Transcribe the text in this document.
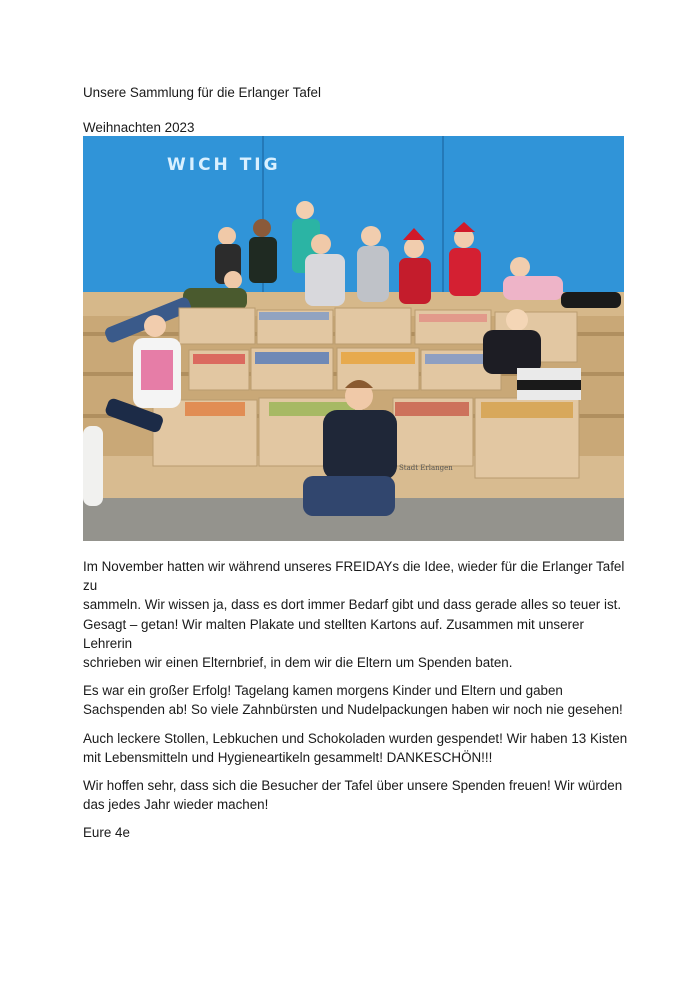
Unsere Sammlung für die Erlanger Tafel
Weihnachten 2023
WICH TIG
Stadt Erlangen

Im November hatten wir während unseres FREIDAYs die Idee, wieder für die Erlanger Tafel zu
sammeln. Wir wissen ja, dass es dort immer Bedarf gibt und dass gerade alles so teuer ist.
Gesagt – getan! Wir malten Plakate und stellten Kartons auf. Zusammen mit unserer Lehrerin
schrieben wir einen Elternbrief, in dem wir die Eltern um Spenden baten.

Es war ein großer Erfolg! Tagelang kamen morgens Kinder und Eltern und gaben
Sachspenden ab! So viele Zahnbürsten und Nudelpackungen haben wir noch nie gesehen!

Auch leckere Stollen, Lebkuchen und Schokoladen wurden gespendet! Wir haben 13 Kisten
mit Lebensmitteln und Hygieneartikeln gesammelt! DANKESCHÖN!!!

Wir hoffen sehr, dass sich die Besucher der Tafel über unsere Spenden freuen! Wir würden
das jedes Jahr wieder machen!

Eure 4e
